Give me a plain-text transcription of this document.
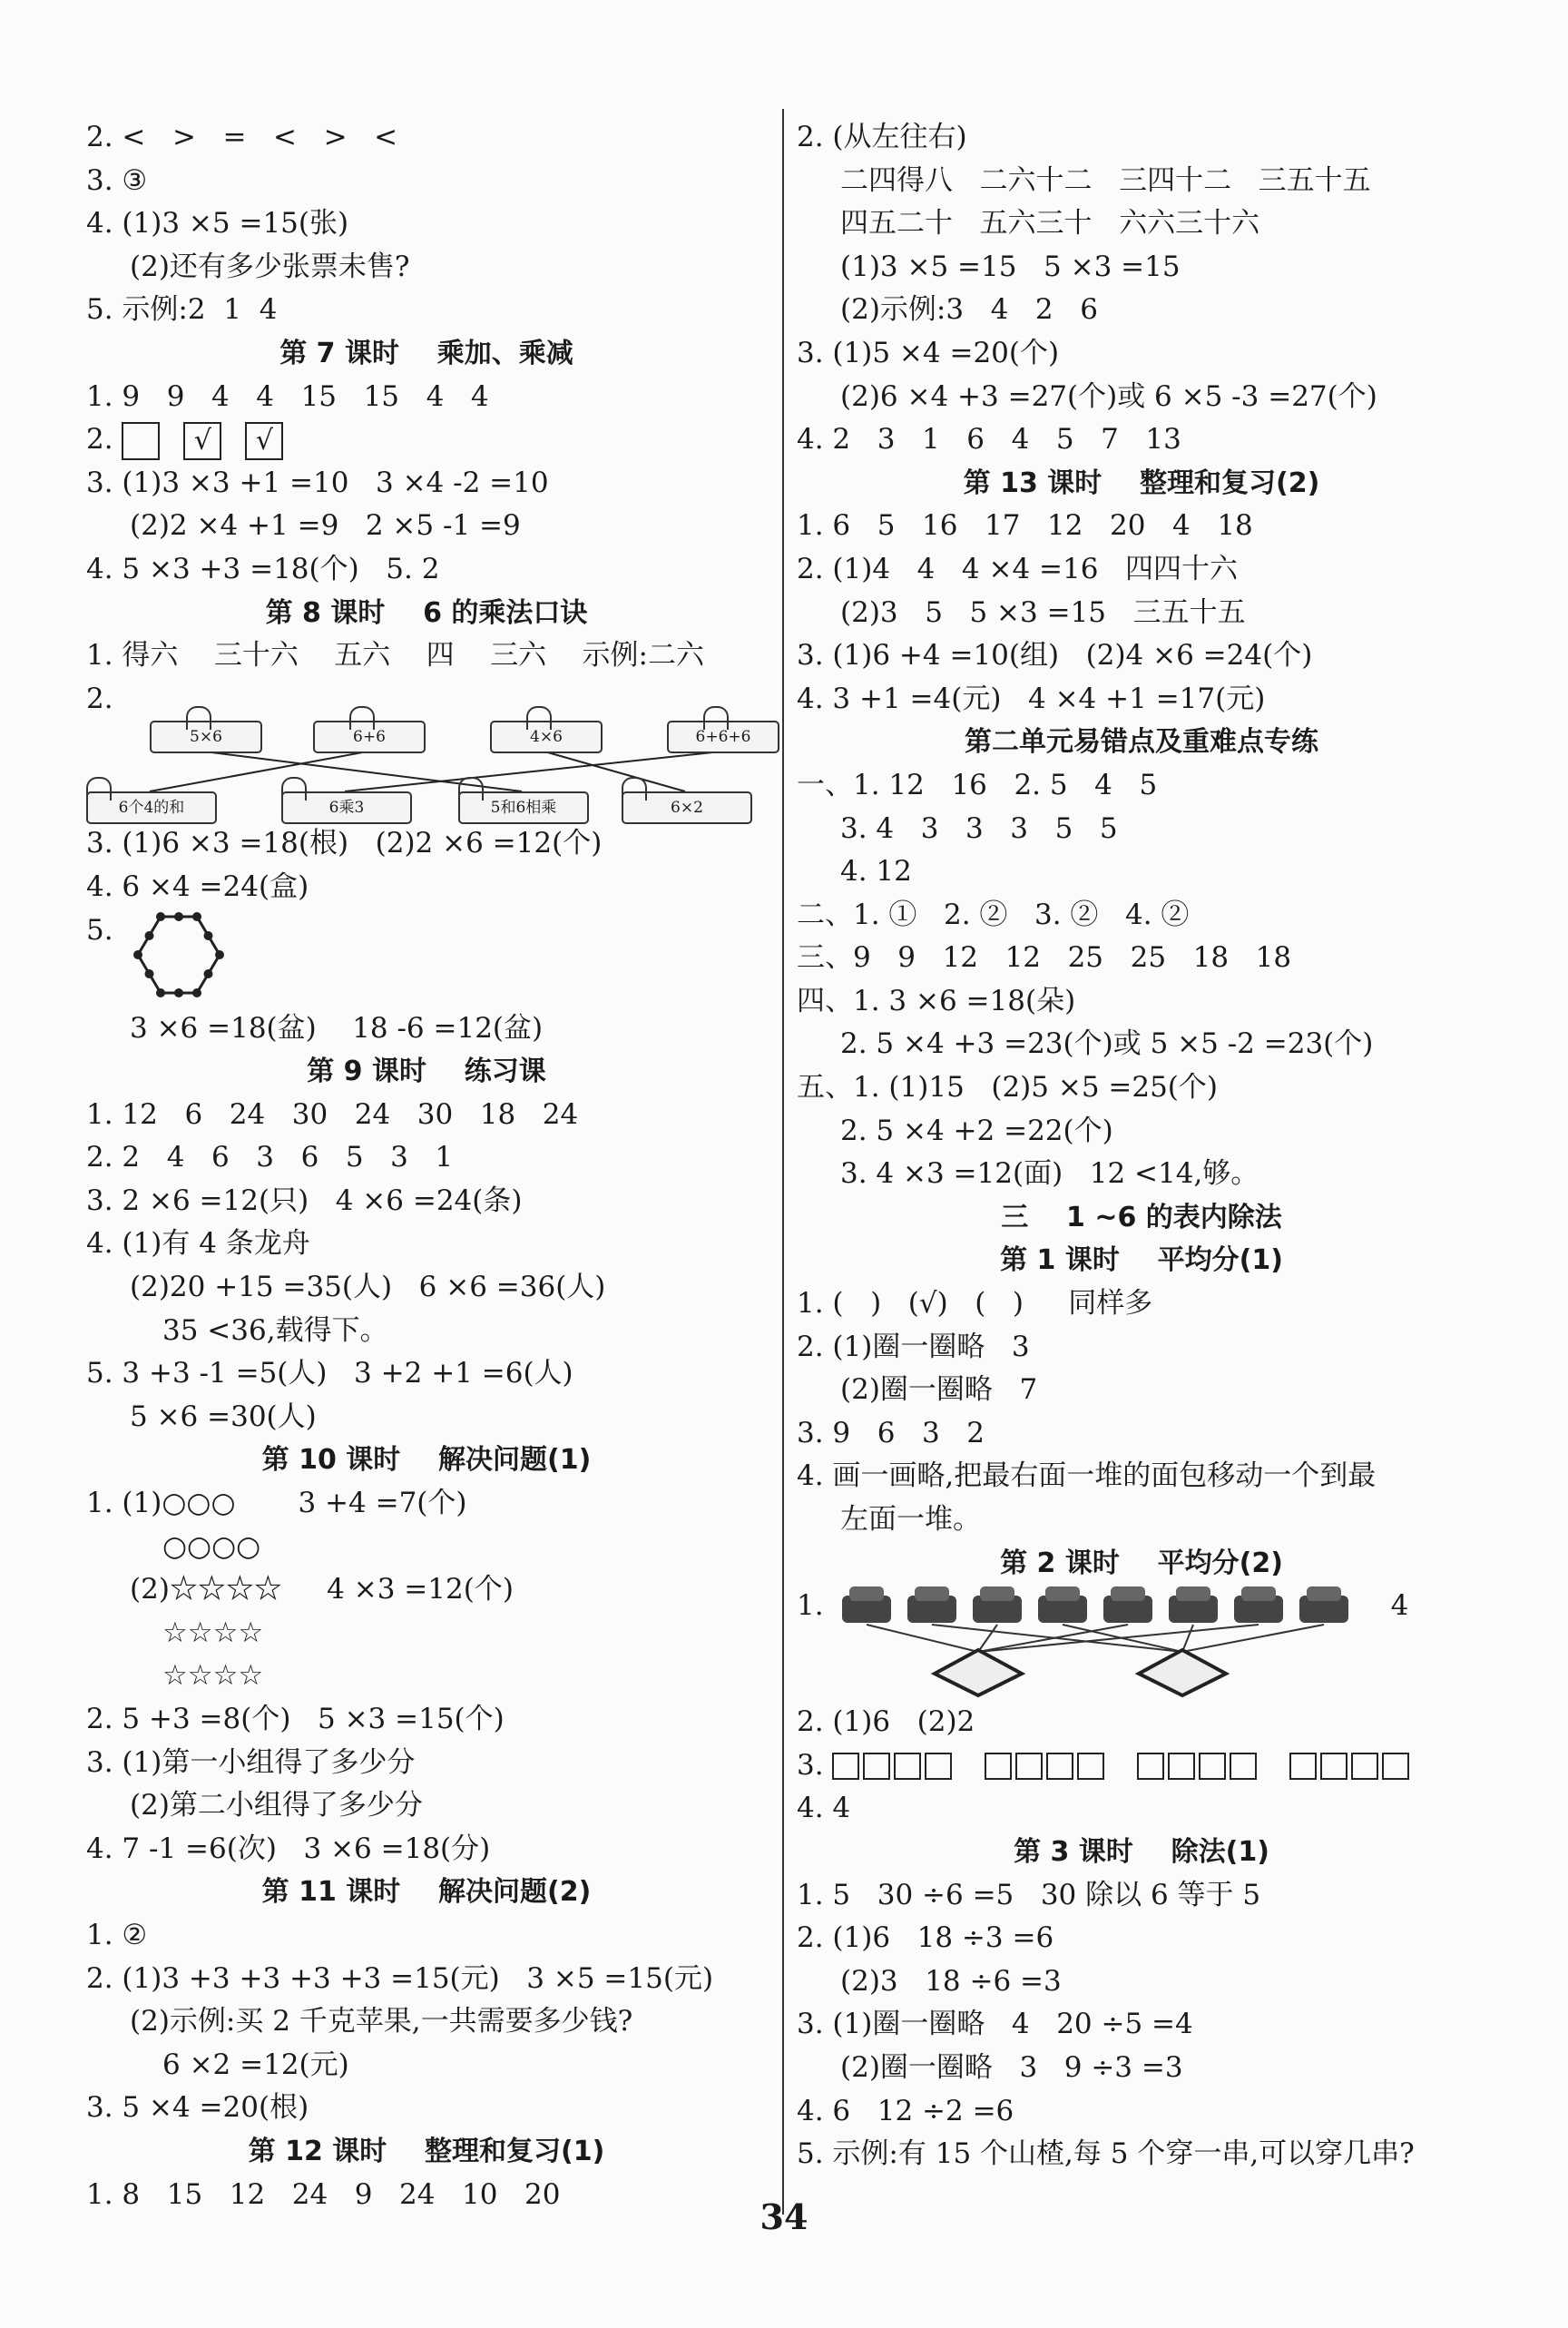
2. <   >   =   <   >   <
3. ③
4. (1)3 ×5 =15(张)
(2)还有多少张票未售?
5. 示例:2  1  4
第 7 课时    乘加、乘减
1. 9   9   4   4   15   15   4   4
2.	√ √
3. (1)3 ×3 +1 =10   3 ×4 -2 =10
(2)2 ×4 +1 =9   2 ×5 -1 =9
4. 5 ×3 +3 =18(个)   5. 2
第 8 课时    6 的乘法口诀
1. 得六    三十六    五六    四    三六    示例:二六
2.
5×6	6+6	4×6	6+6+6
6个4的和	6乘3	5和6相乘	6×2
3. (1)6 ×3 =18(根)   (2)2 ×6 =12(个)
4. 6 ×4 =24(盒)
5.
3 ×6 =18(盆)    18 -6 =12(盆)
第 9 课时    练习课
1. 12   6   24   30   24   30   18   24
2. 2   4   6   3   6   5   3   1
3. 2 ×6 =12(只)   4 ×6 =24(条)
4. (1)有 4 条龙舟
(2)20 +15 =35(人)   6 ×6 =36(人)
35 <36,载得下。
5. 3 +3 -1 =5(人)   3 +2 +1 =6(人)
5 ×6 =30(人)
第 10 课时    解决问题(1)
1. (1)○○○       3 +4 =7(个)
○○○○
(2)☆☆☆☆     4 ×3 =12(个)
☆☆☆☆
☆☆☆☆
2. 5 +3 =8(个)   5 ×3 =15(个)
3. (1)第一小组得了多少分
(2)第二小组得了多少分
4. 7 -1 =6(次)   3 ×6 =18(分)
第 11 课时    解决问题(2)
1. ②
2. (1)3 +3 +3 +3 +3 =15(元)   3 ×5 =15(元)
(2)示例:买 2 千克苹果,一共需要多少钱?
6 ×2 =12(元)
3. 5 ×4 =20(根)
第 12 课时    整理和复习(1)
1. 8   15   12   24   9   24   10   20
2. (从左往右)
二四得八   二六十二   三四十二   三五十五
四五二十   五六三十   六六三十六
(1)3 ×5 =15   5 ×3 =15
(2)示例:3   4   2   6
3. (1)5 ×4 =20(个)
(2)6 ×4 +3 =27(个)或 6 ×5 -3 =27(个)
4. 2   3   1   6   4   5   7   13
第 13 课时    整理和复习(2)
1. 6   5   16   17   12   20   4   18
2. (1)4   4   4 ×4 =16   四四十六
(2)3   5   5 ×3 =15   三五十五
3. (1)6 +4 =10(组)   (2)4 ×6 =24(个)
4. 3 +1 =4(元)   4 ×4 +1 =17(元)
第二单元易错点及重难点专练
一、1. 12   16   2. 5   4   5
3. 4   3   3   3   5   5
4. 12
二、1. ①   2. ②   3. ②   4. ②
三、9   9   12   12   25   25   18   18
四、1. 3 ×6 =18(朵)
2. 5 ×4 +3 =23(个)或 5 ×5 -2 =23(个)
五、1. (1)15   (2)5 ×5 =25(个)
2. 5 ×4 +2 =22(个)
3. 4 ×3 =12(面)   12 <14,够。
三    1 ~6 的表内除法
第 1 课时    平均分(1)
1. (   )   (√)   (   )     同样多
2. (1)圈一圈略   3
(2)圈一圈略   7
3. 9   6   3   2
4. 画一画略,把最右面一堆的面包移动一个到最
左面一堆。
第 2 课时    平均分(2)
1.	4
2. (1)6   (2)2
3.
4. 4
第 3 课时    除法(1)
1. 5   30 ÷6 =5   30 除以 6 等于 5
2. (1)6   18 ÷3 =6
(2)3   18 ÷6 =3
3. (1)圈一圈略   4   20 ÷5 =4
(2)圈一圈略   3   9 ÷3 =3
4. 6   12 ÷2 =6
5. 示例:有 15 个山楂,每 5 个穿一串,可以穿几串?
34
